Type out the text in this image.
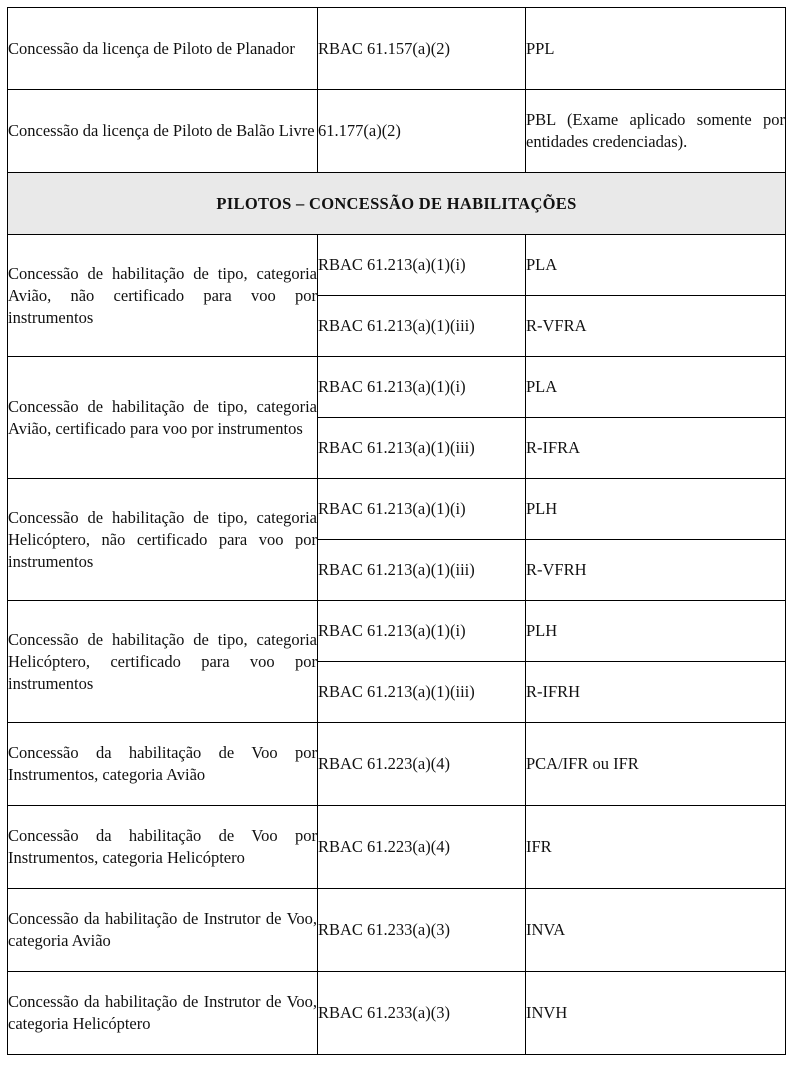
Concessão da licença de Piloto de Planador	RBAC 61.157(a)(2)	PPL
Concessão da licença de Piloto de Balão Livre	61.177(a)(2)	PBL (Exame aplicado somente por entidades credenciadas).
PILOTOS – CONCESSÃO DE HABILITAÇÕES		
Concessão de habilitação de tipo, categoria Avião, não certificado para voo por instrumentos	RBAC 61.213(a)(1)(i)	PLA
	RBAC 61.213(a)(1)(iii)	R-VFRA
Concessão de habilitação de tipo, categoria Avião, certificado para voo por instrumentos	RBAC 61.213(a)(1)(i)	PLA
	RBAC 61.213(a)(1)(iii)	R-IFRA
Concessão de habilitação de tipo, categoria Helicóptero, não certificado para voo por instrumentos	RBAC 61.213(a)(1)(i)	PLH
	RBAC 61.213(a)(1)(iii)	R-VFRH
Concessão de habilitação de tipo, categoria Helicóptero, certificado para voo por instrumentos	RBAC 61.213(a)(1)(i)	PLH
	RBAC 61.213(a)(1)(iii)	R-IFRH
Concessão da habilitação de Voo por Instrumentos, categoria Avião	RBAC 61.223(a)(4)	PCA/IFR ou IFR
Concessão da habilitação de Voo por Instrumentos, categoria Helicóptero	RBAC 61.223(a)(4)	IFR
Concessão da habilitação de Instrutor de Voo, categoria Avião	RBAC 61.233(a)(3)	INVA
Concessão da habilitação de Instrutor de Voo, categoria Helicóptero	RBAC 61.233(a)(3)	INVH
